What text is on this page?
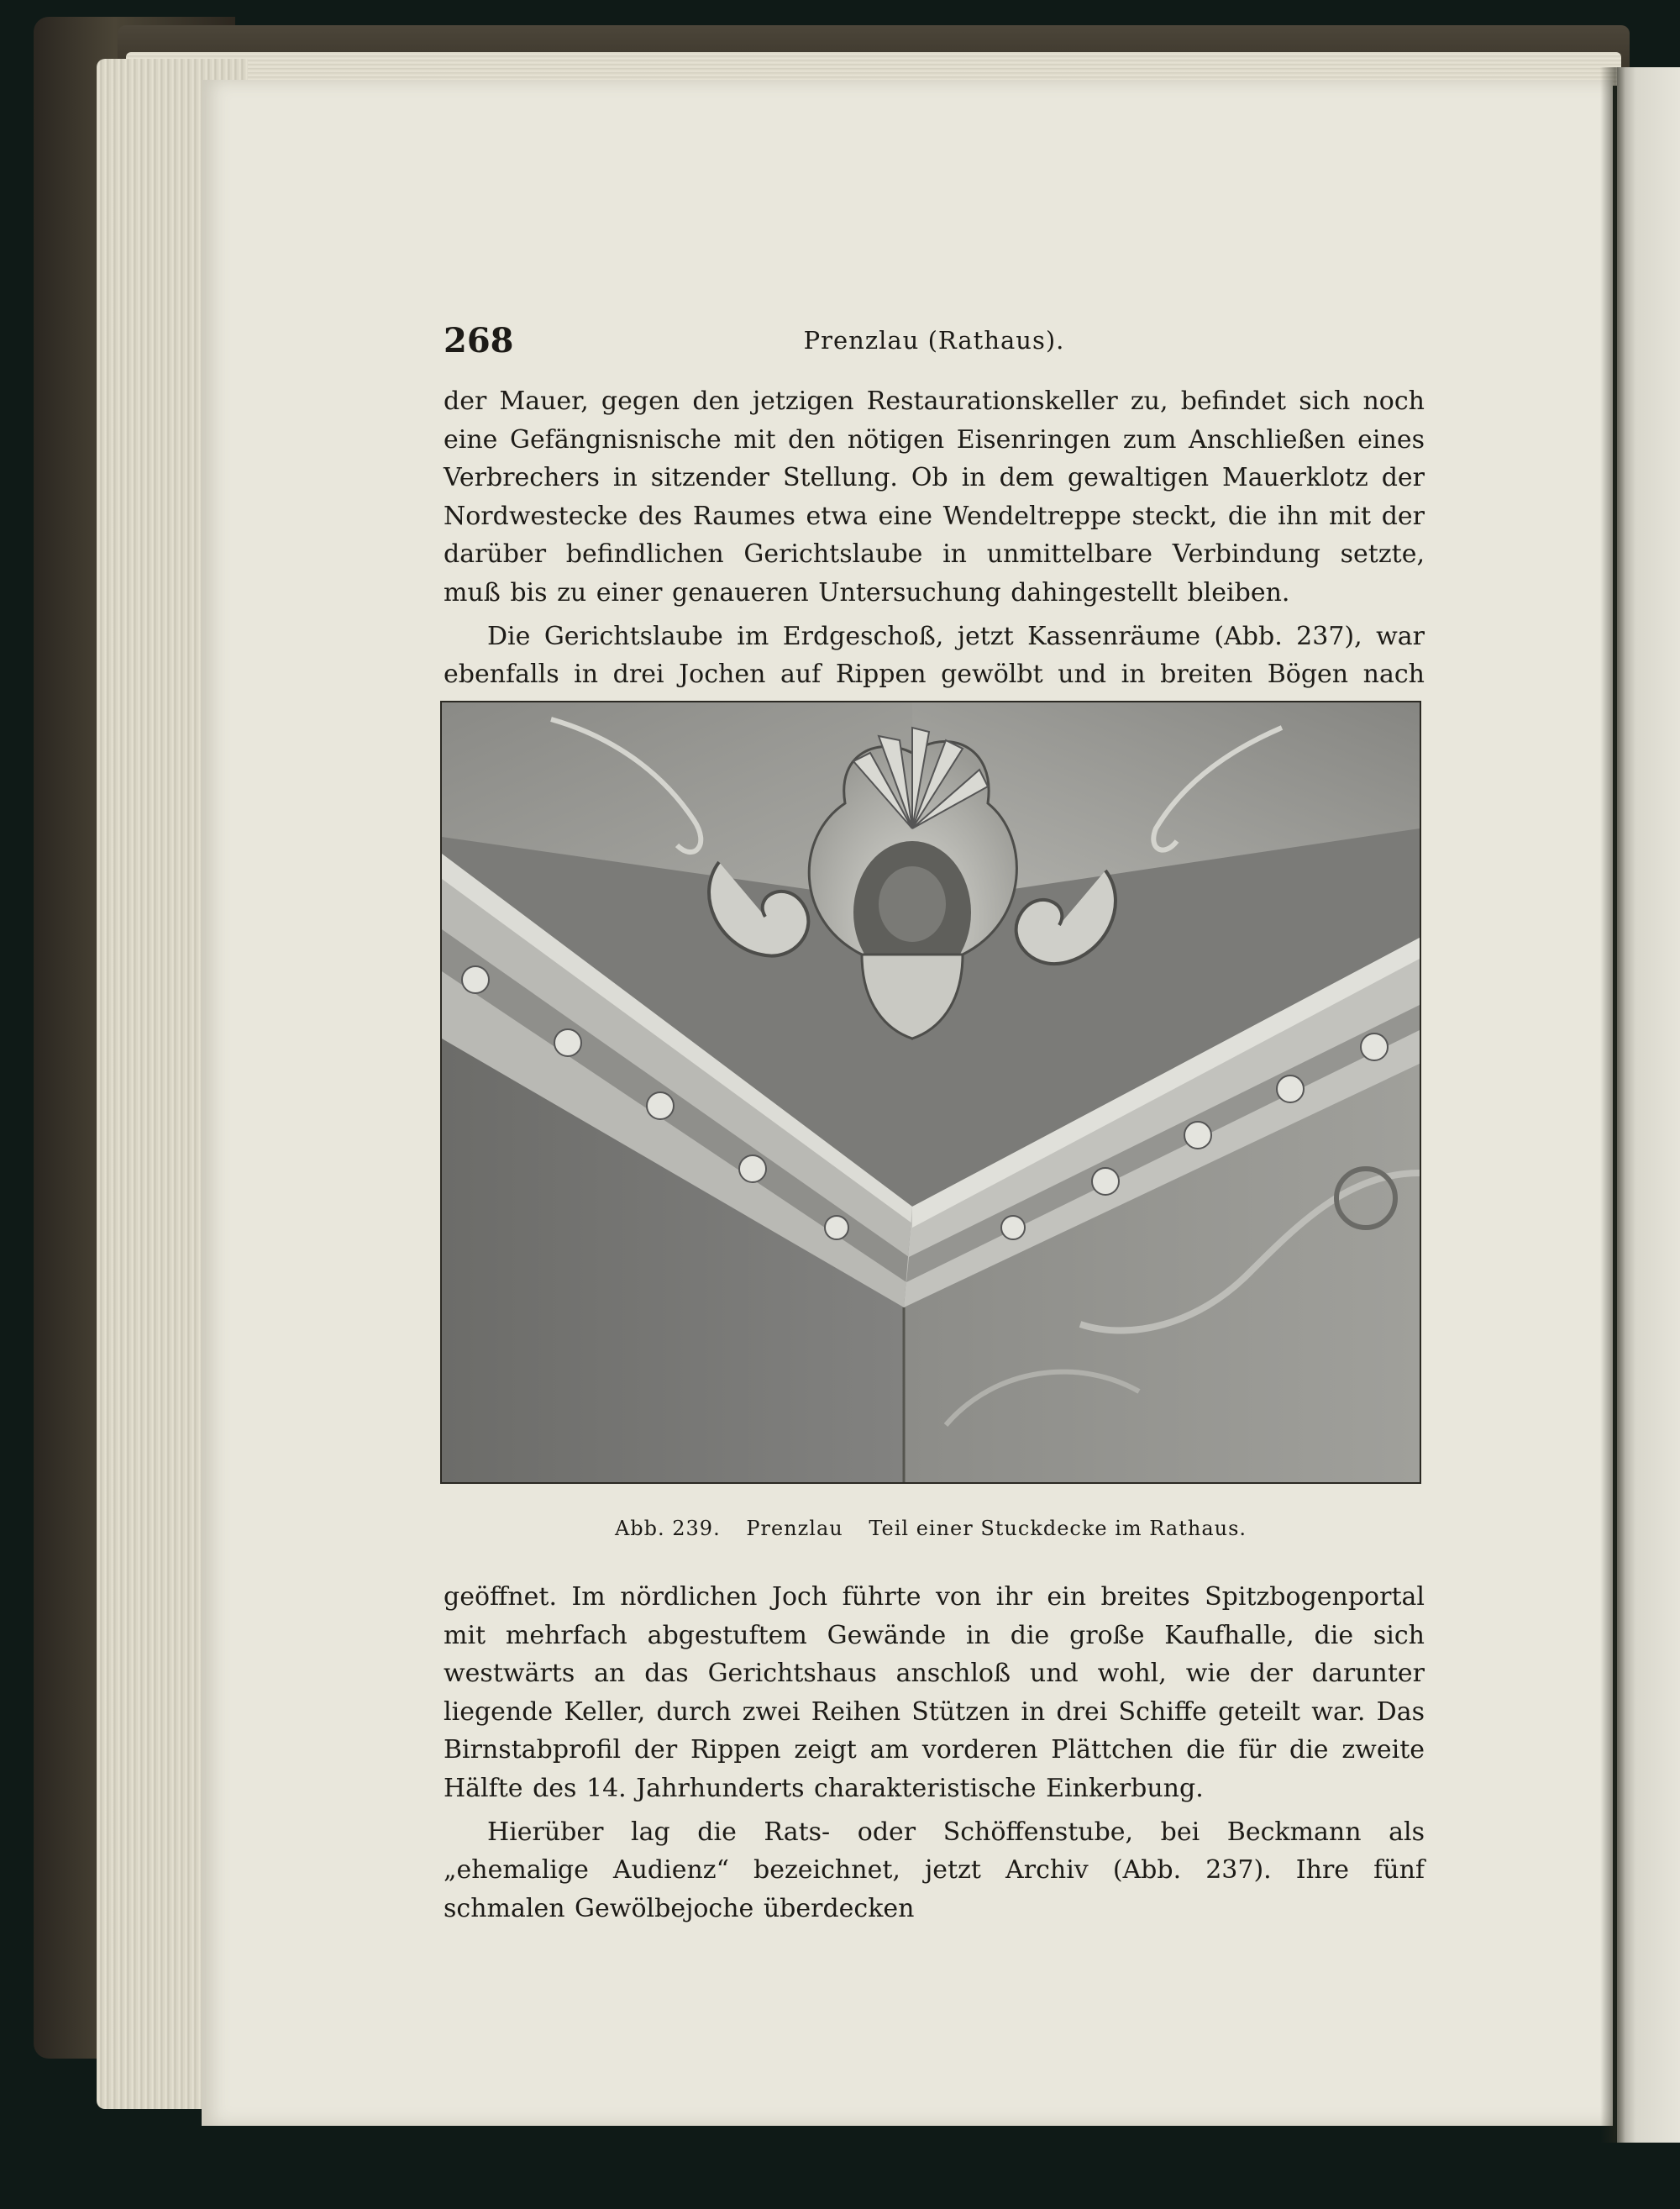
268	Prenzlau (Rathaus).

der Mauer, gegen den jetzigen Restaurationskeller zu, befindet sich noch eine Gefängnisnische mit den nötigen Eisenringen zum Anschließen eines Verbrechers in sitzender Stellung. Ob in dem gewaltigen Mauerklotz der Nordwestecke des Raumes etwa eine Wendeltreppe steckt, die ihn mit der darüber befindlichen Gerichtslaube in unmittelbare Verbindung setzte, muß bis zu einer genaueren Untersuchung dahingestellt bleiben.

Die Gerichtslaube im Erdgeschoß, jetzt Kassenräume (Abb. 237), war ebenfalls in drei Jochen auf Rippen gewölbt und in breiten Bögen nach

Abb. 239. Prenzlau Teil einer Stuckdecke im Rathaus.

geöffnet. Im nördlichen Joch führte von ihr ein breites Spitzbogenportal mit mehrfach abgestuftem Gewände in die große Kaufhalle, die sich westwärts an das Gerichtshaus anschloß und wohl, wie der darunter liegende Keller, durch zwei Reihen Stützen in drei Schiffe geteilt war. Das Birnstabprofil der Rippen zeigt am vorderen Plättchen die für die zweite Hälfte des 14. Jahrhunderts charakteristische Einkerbung.

Hierüber lag die Rats- oder Schöffenstube, bei Beckmann als „ehemalige Audienz“ bezeichnet, jetzt Archiv (Abb. 237). Ihre fünf schmalen Gewölbejoche überdecken
